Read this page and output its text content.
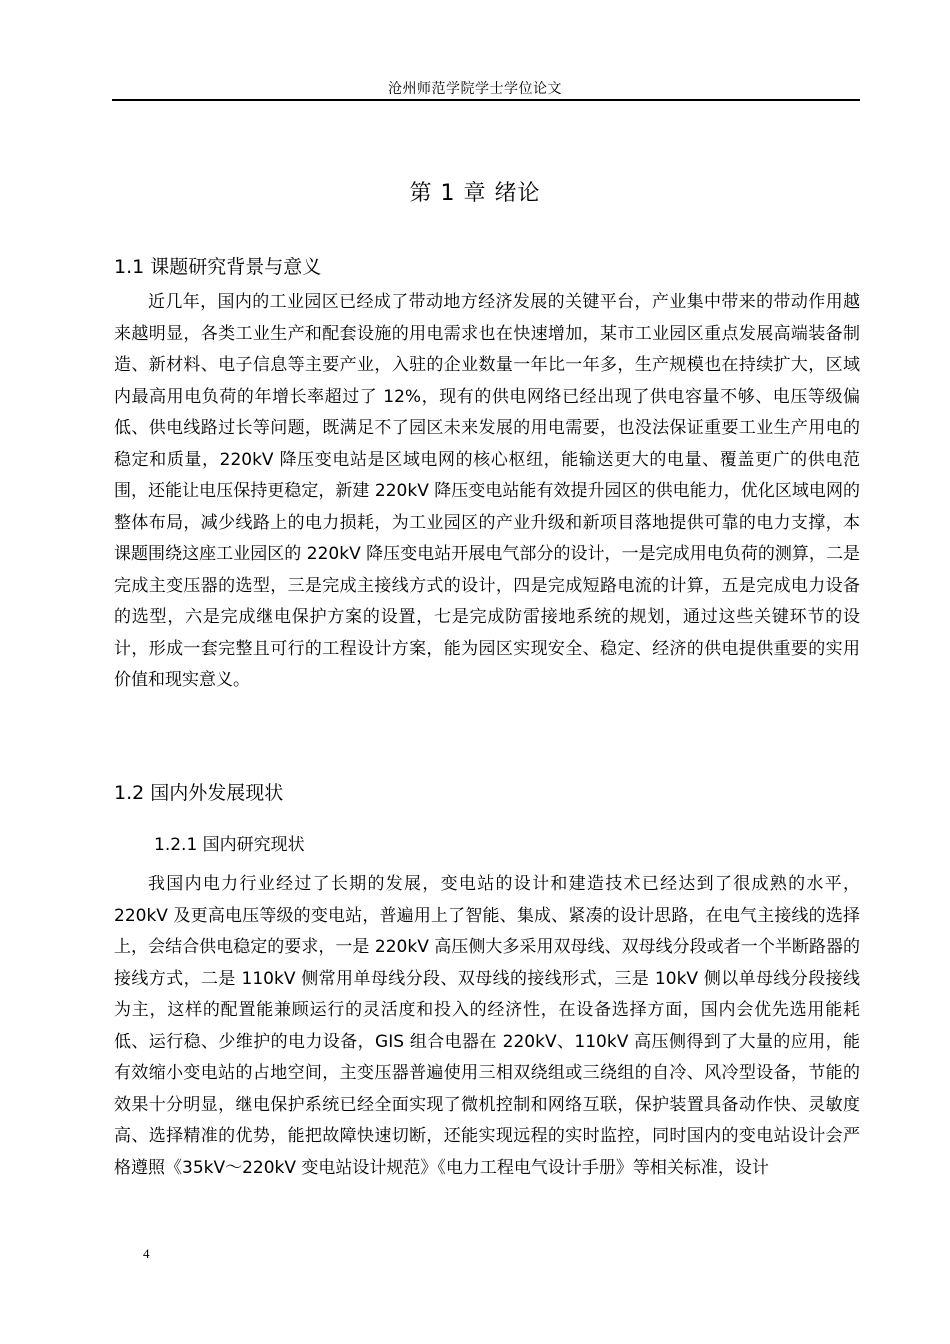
沧州师范学院学士学位论文
第 1 章 绪论
1.1 课题研究背景与意义

近几年，国内的工业园区已经成了带动地方经济发展的关键平台，产业集中带来的带动作用越来越明显，各类工业生产和配套设施的用电需求也在快速增加，某市工业园区重点发展高端装备制造、新材料、电子信息等主要产业，入驻的企业数量一年比一年多，生产规模也在持续扩大，区域内最高用电负荷的年增长率超过了 12%，现有的供电网络已经出现了供电容量不够、电压等级偏低、供电线路过长等问题，既满足不了园区未来发展的用电需要，也没法保证重要工业生产用电的稳定和质量，220kV 降压变电站是区域电网的核心枢纽，能输送更大的电量、覆盖更广的供电范围，还能让电压保持更稳定，新建 220kV 降压变电站能有效提升园区的供电能力，优化区域电网的整体布局，减少线路上的电力损耗，为工业园区的产业升级和新项目落地提供可靠的电力支撑，本课题围绕这座工业园区的 220kV 降压变电站开展电气部分的设计，一是完成用电负荷的测算，二是完成主变压器的选型，三是完成主接线方式的设计，四是完成短路电流的计算，五是完成电力设备的选型，六是完成继电保护方案的设置，七是完成防雷接地系统的规划，通过这些关键环节的设计，形成一套完整且可行的工程设计方案，能为园区实现安全、稳定、经济的供电提供重要的实用价值和现实意义。

1.2 国内外发展现状
1.2.1 国内研究现状

我国内电力行业经过了长期的发展，变电站的设计和建造技术已经达到了很成熟的水平，220kV 及更高电压等级的变电站，普遍用上了智能、集成、紧凑的设计思路，在电气主接线的选择上，会结合供电稳定的要求，一是 220kV 高压侧大多采用双母线、双母线分段或者一个半断路器的接线方式，二是 110kV 侧常用单母线分段、双母线的接线形式，三是 10kV 侧以单母线分段接线为主，这样的配置能兼顾运行的灵活度和投入的经济性，在设备选择方面，国内会优先选用能耗低、运行稳、少维护的电力设备，GIS 组合电器在 220kV、110kV 高压侧得到了大量的应用，能有效缩小变电站的占地空间，主变压器普遍使用三相双绕组或三绕组的自冷、风冷型设备，节能的效果十分明显，继电保护系统已经全面实现了微机控制和网络互联，保护装置具备动作快、灵敏度高、选择精准的优势，能把故障快速切断，还能实现远程的实时监控，同时国内的变电站设计会严格遵照《35kV～220kV 变电站设计规范》《电力工程电气设计手册》等相关标准，设计

4
